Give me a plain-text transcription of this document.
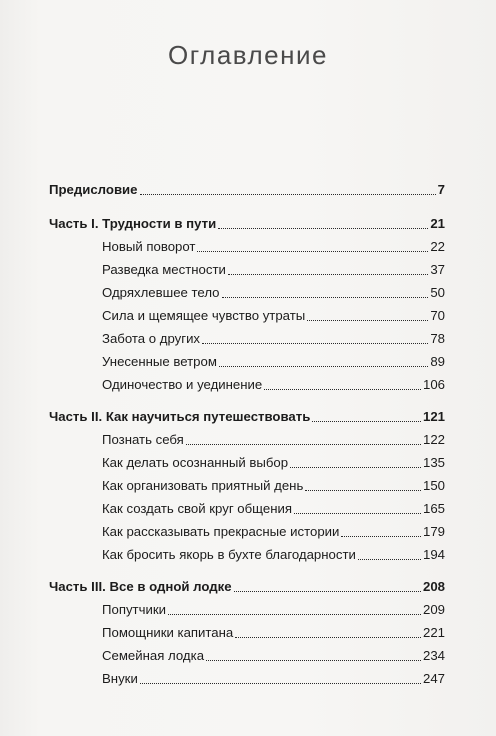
Оглавление
Предисловие	7
Часть I. Трудности в пути	21
Новый поворот	22
Разведка местности	37
Одряхлевшее тело	50
Сила и щемящее чувство утраты	70
Забота о других	78
Унесенные ветром	89
Одиночество и уединение	106
Часть II. Как научиться путешествовать	121
Познать себя	122
Как делать осознанный выбор	135
Как организовать приятный день	150
Как создать свой круг общения	165
Как рассказывать прекрасные истории	179
Как бросить якорь в бухте благодарности	194
Часть III. Все в одной лодке	208
Попутчики	209
Помощники капитана	221
Семейная лодка	234
Внуки	247
